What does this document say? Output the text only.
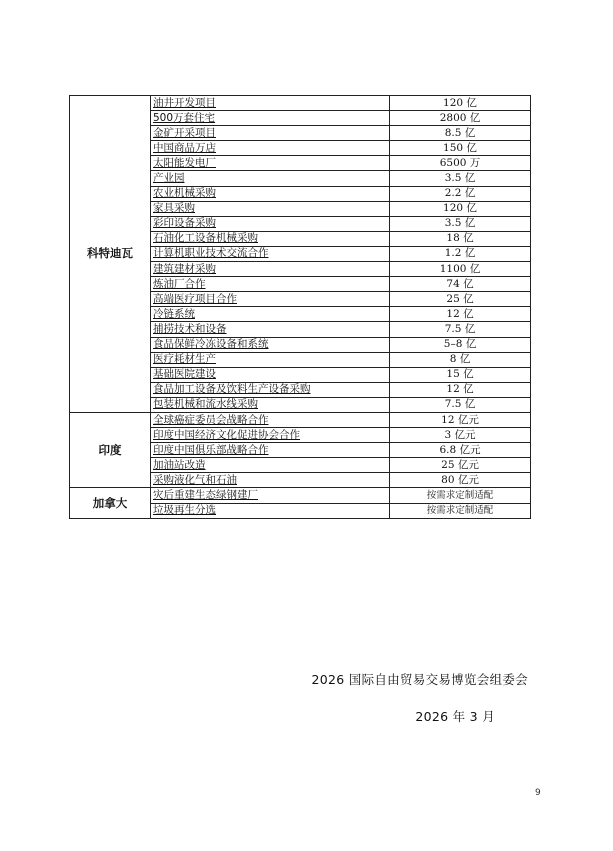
科特迪瓦	油井开发项目	120 亿
	500万套住宅	2800 亿
	金矿开采项目	8.5 亿
	中国商品万店	150 亿
	太阳能发电厂	6500 万
	产业园	3.5 亿
	农业机械采购	2.2 亿
	家具采购	120 亿
	彩印设备采购	3.5 亿
	石油化工设备机械采购	18 亿
	计算机职业技术交流合作	1.2 亿
	建筑建材采购	1100 亿
	炼油厂合作	74 亿
	高端医疗项目合作	25 亿
	冷链系统	12 亿
	捕捞技术和设备	7.5 亿
	食品保鲜冷冻设备和系统	5–8 亿
	医疗耗材生产	8 亿
	基础医院建设	15 亿
	食品加工设备及饮料生产设备采购	12 亿
	包装机械和流水线采购	7.5 亿
印度	全球癌症委员会战略合作	12 亿元
	印度中国经济文化促进协会合作	3 亿元
	印度中国俱乐部战略合作	6.8 亿元
	加油站改造	25 亿元
	采购液化气和石油	80 亿元
加拿大	灾后重建生态绿钢建厂	按需求定制适配
	垃圾再生分选	按需求定制适配
2026 国际自由贸易交易博览会组委会
2026 年 3 月
9
